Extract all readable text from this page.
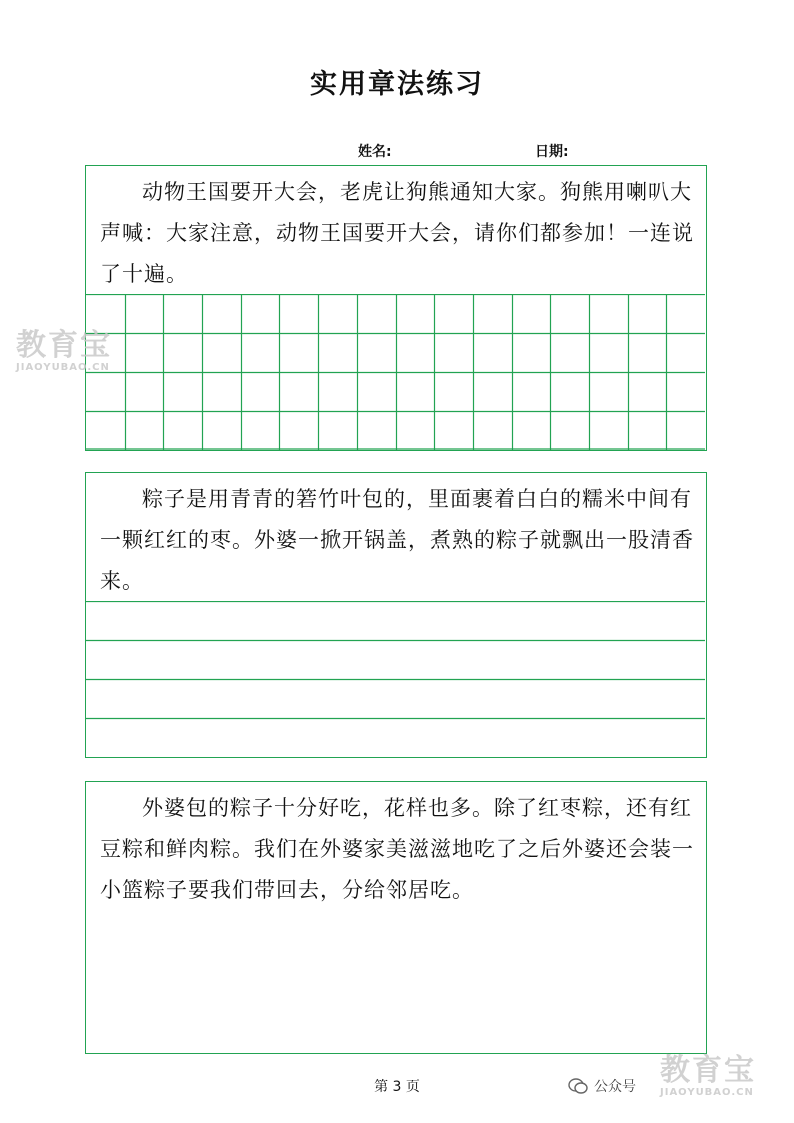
实用章法练习
姓名:	日期:
动物王国要开大会，老虎让狗熊通知大家。狗熊用喇叭大声喊：大家注意，动物王国要开大会，请你们都参加！一连说了十遍。
粽子是用青青的箬竹叶包的，里面裹着白白的糯米中间有一颗红红的枣。外婆一掀开锅盖，煮熟的粽子就飘出一股清香来。
外婆包的粽子十分好吃，花样也多。除了红枣粽，还有红豆粽和鲜肉粽。我们在外婆家美滋滋地吃了之后外婆还会装一小篮粽子要我们带回去，分给邻居吃。
第 3 页
教育宝
JIAOYUBAO.CN
公众号 教育宝
JIAOYUBAO.CN
